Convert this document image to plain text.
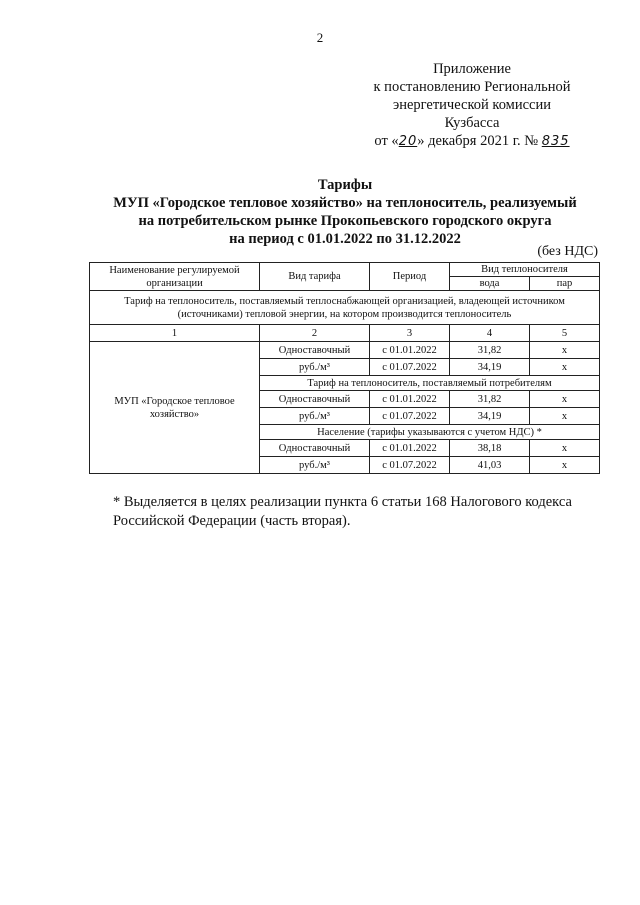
2
Приложение
к постановлению Региональной
энергетической комиссии
Кузбасса
от «20» декабря 2021 г. № 835
Тарифы
МУП «Городское тепловое хозяйство» на теплоноситель, реализуемый
на потребительском рынке Прокопьевского городского округа
на период с 01.01.2022 по 31.12.2022
(без НДС)
Наименование регулируемой организации	Вид тарифа	Период	Вид теплоносителя	
			вода	пар
Тариф на теплоноситель, поставляемый теплоснабжающей организацией, владеющей источником (источниками) тепловой энергии, на котором производится теплоноситель				
1	2	3	4	5
МУП «Городское тепловое хозяйство»	Одноставочный	с 01.01.2022	31,82	х
	руб./м³	с 01.07.2022	34,19	х
	Тариф на теплоноситель, поставляемый потребителям			
	Одноставочный	с 01.01.2022	31,82	х
	руб./м³	с 01.07.2022	34,19	х
	Население (тарифы указываются с учетом НДС) *			
	Одноставочный	с 01.01.2022	38,18	х
	руб./м³	с 01.07.2022	41,03	х
* Выделяется в целях реализации пункта 6 статьи 168 Налогового кодекса Российской Федерации (часть вторая).
